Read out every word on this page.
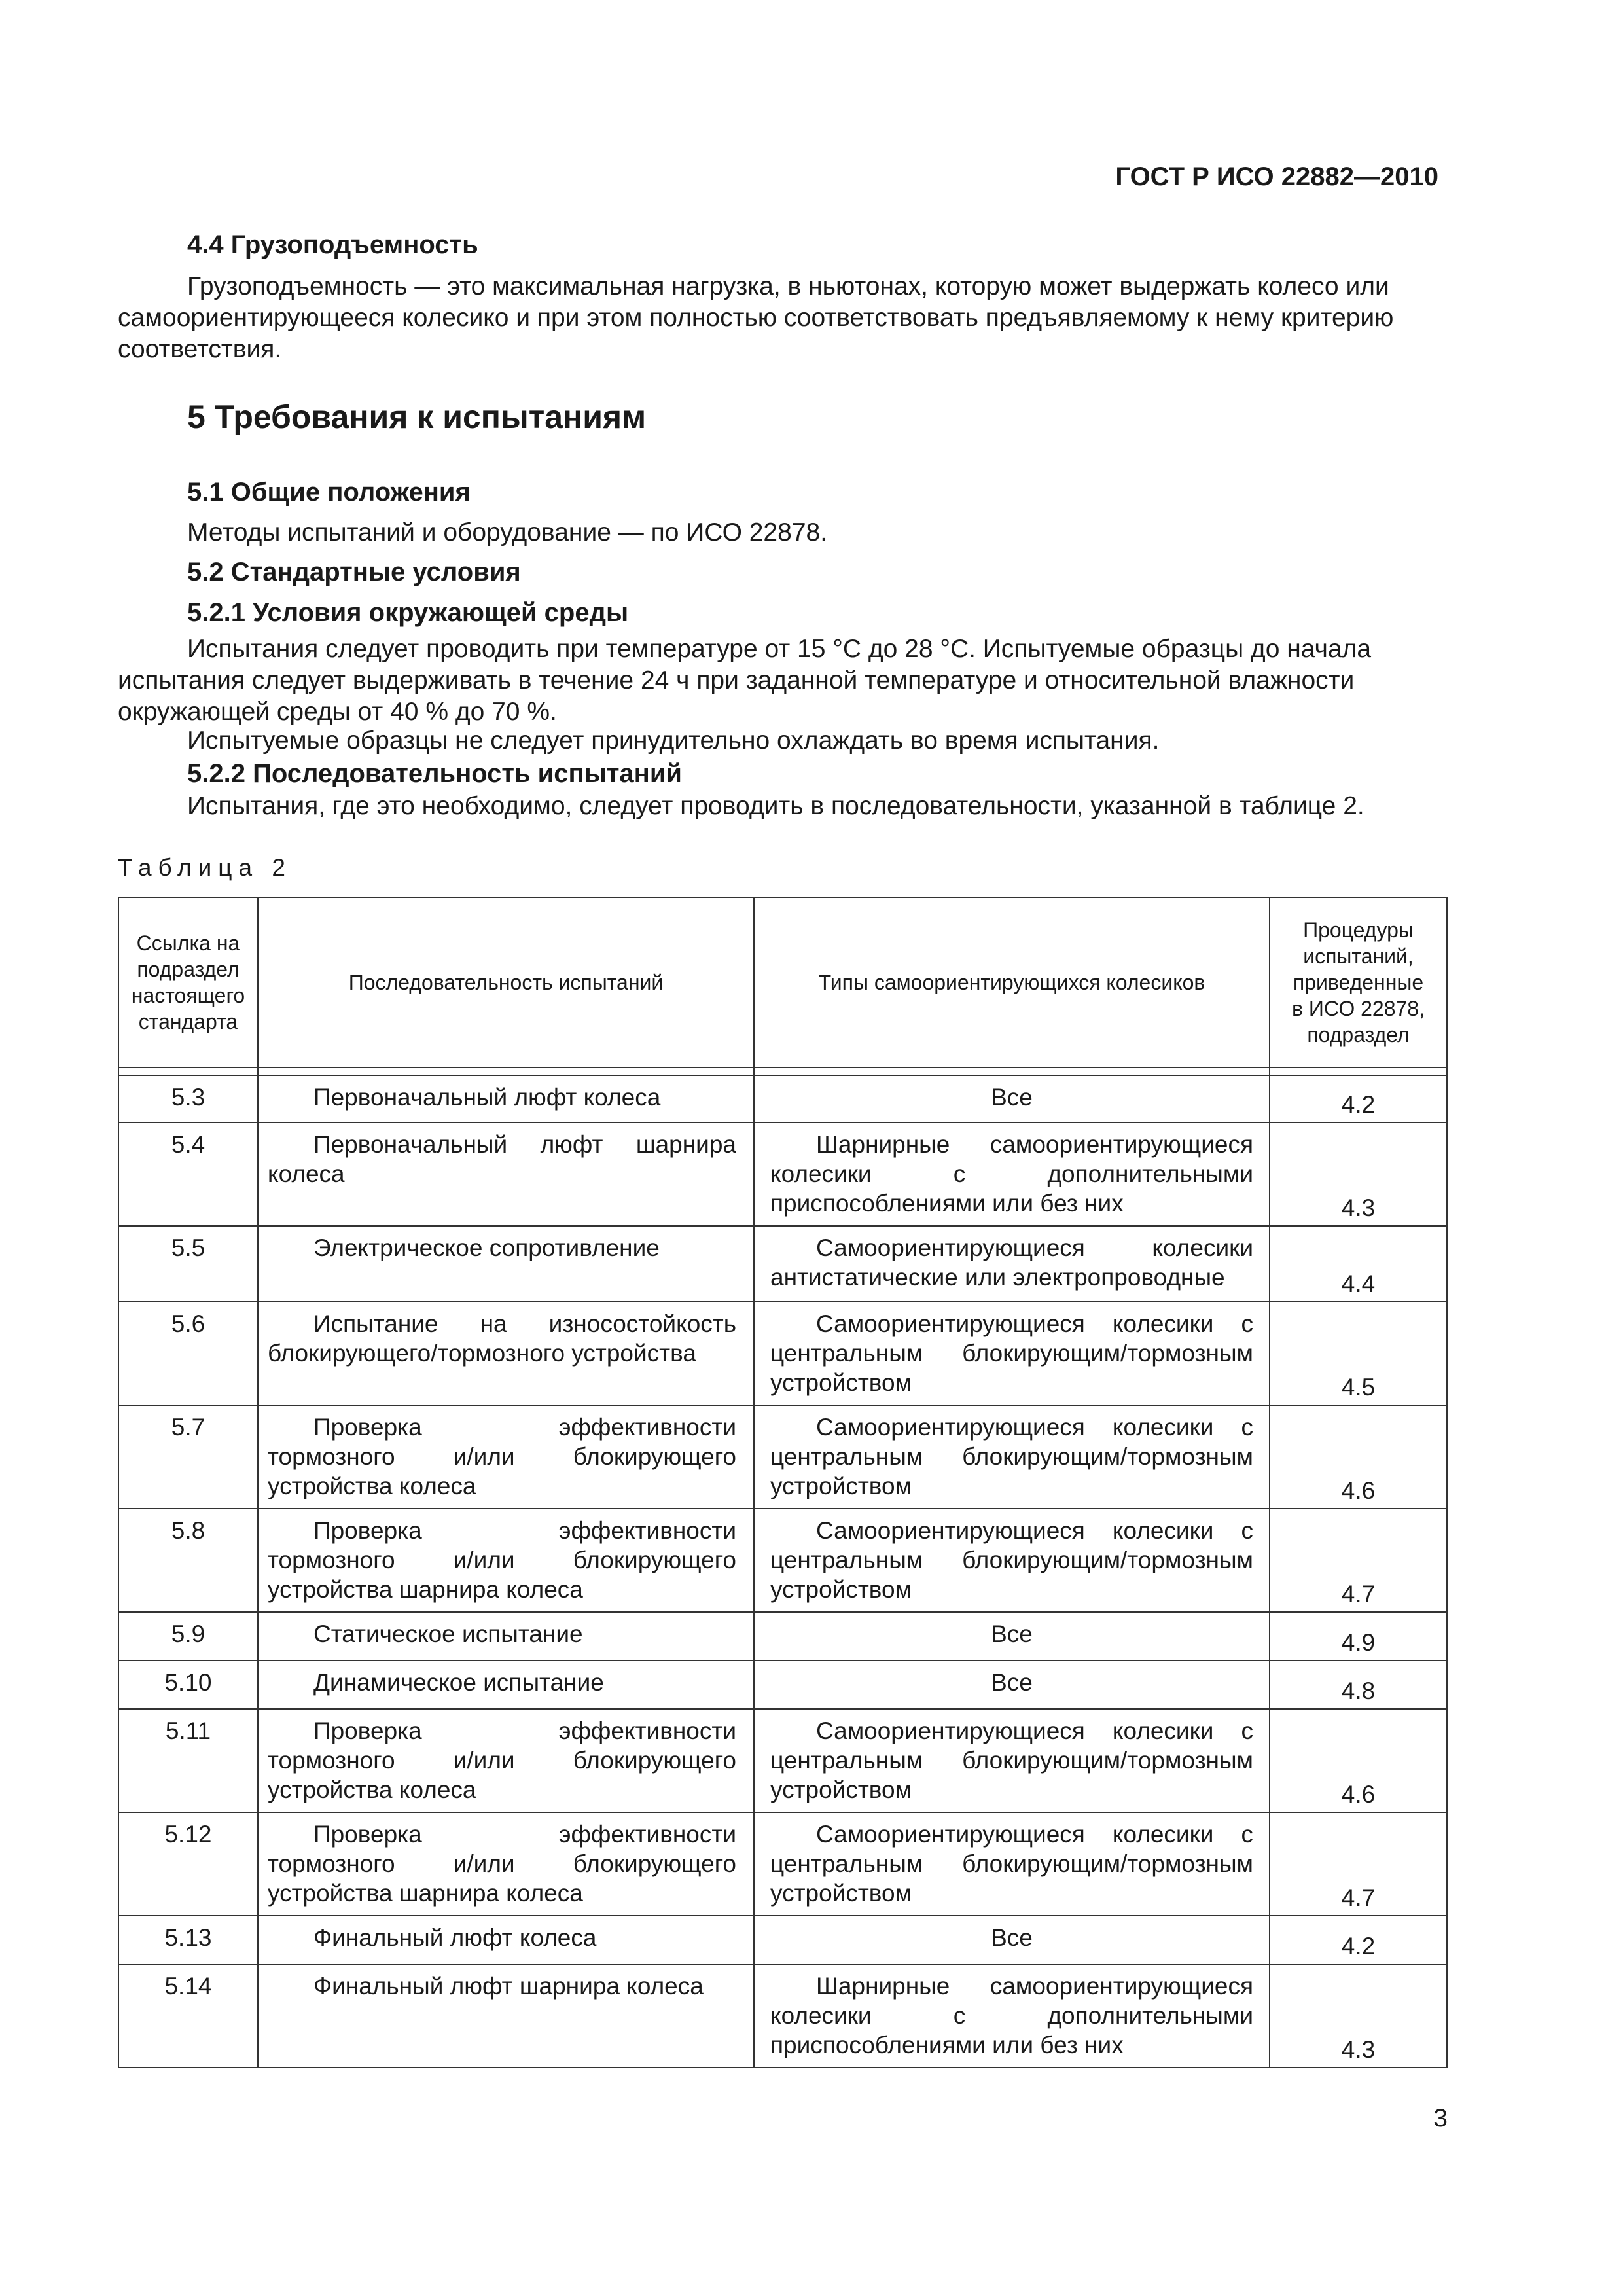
ГОСТ Р ИСО 22882—2010
4.4 Грузоподъемность
Грузоподъемность — это максимальная нагрузка, в ньютонах, которую может выдержать колесо или самоориентирующееся колесико и при этом полностью соответствовать предъявляемому к нему критерию соответствия.
5 Требования к испытаниям
5.1 Общие положения
Методы испытаний и оборудование — по ИСО 22878.
5.2 Стандартные условия
5.2.1 Условия окружающей среды
Испытания следует проводить при температуре от 15 °С до 28 °С. Испытуемые образцы до начала испытания следует выдерживать в течение 24 ч при заданной температуре и относительной влажности окружающей среды от 40 % до 70 %.
Испытуемые образцы не следует принудительно охлаждать во время испытания.
5.2.2 Последовательность испытаний
Испытания, где это необходимо, следует проводить в последовательности, указанной в таблице 2.
Таблица 2
Ссылка на подраздел настоящего стандарта	Последовательность испытаний	Типы самоориентирующихся колесиков	Процедуры испытаний, приведенные в ИСО 22878, подраздел

5.3	Первоначальный люфт колеса	Все	4.2
5.4	Первоначальный люфт шарнира колеса	Шарнирные самоориентирующиеся колесики с дополнительными приспособлениями или без них	4.3
5.5	Электрическое сопротивление	Самоориентирующиеся колесики антистатические или электропроводные	4.4
5.6	Испытание на износостойкость блокирующего/тормозного устройства	Самоориентирующиеся колесики с центральным блокирующим/тормозным устройством	4.5
5.7	Проверка эффективности тормозного и/или блокирующего устройства колеса	Самоориентирующиеся колесики с центральным блокирующим/тормозным устройством	4.6
5.8	Проверка эффективности тормозного и/или блокирующего устройства шарнира колеса	Самоориентирующиеся колесики с центральным блокирующим/тормозным устройством	4.7
5.9	Статическое испытание	Все	4.9
5.10	Динамическое испытание	Все	4.8
5.11	Проверка эффективности тормозного и/или блокирующего устройства колеса	Самоориентирующиеся колесики с центральным блокирующим/тормозным устройством	4.6
5.12	Проверка эффективности тормозного и/или блокирующего устройства шарнира колеса	Самоориентирующиеся колесики с центральным блокирующим/тормозным устройством	4.7
5.13	Финальный люфт колеса	Все	4.2
5.14	Финальный люфт шарнира колеса	Шарнирные самоориентирующиеся колесики с дополнительными приспособлениями или без них	4.3
3
